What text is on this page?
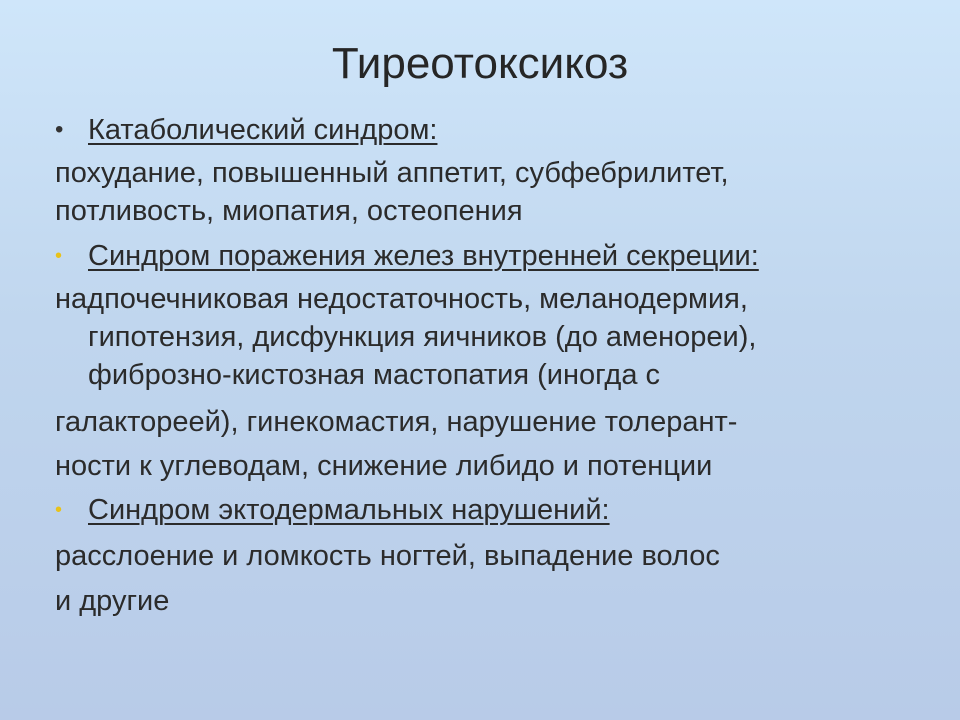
Тиреотоксикоз
• Катаболический синдром:
похудание, повышенный аппетит, субфебрилитет,
потливость, миопатия, остеопения
• Синдром поражения желез внутренней секреции:
надпочечниковая недостаточность, меланодермия,
гипотензия, дисфункция яичников (до аменореи),
фиброзно-кистозная мастопатия (иногда с
галактореей), гинекомастия, нарушение толерант-
ности к углеводам, снижение либидо и потенции
• Синдром эктодермальных нарушений:
расслоение и ломкость ногтей, выпадение волос
и другие
